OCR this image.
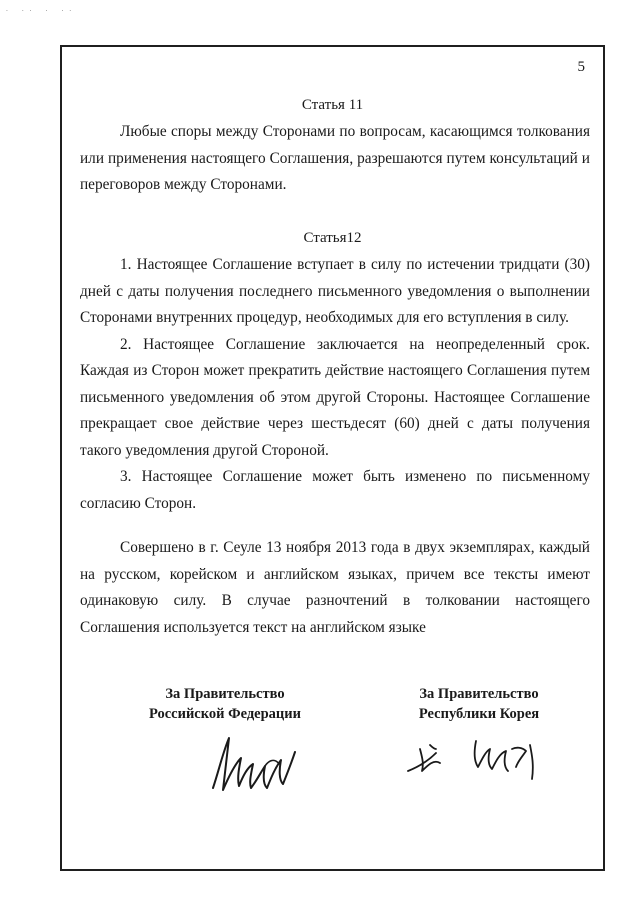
· ·· · ··
5
Статья 11

Любые споры между Сторонами по вопросам, касающимся толкования или применения настоящего Соглашения, разрешаются путем консультаций и переговоров между Сторонами.

Статья12

1. Настоящее Соглашение вступает в силу по истечении тридцати (30) дней с даты получения последнего письменного уведомления о выполнении Сторонами внутренних процедур, необходимых для его вступления в силу.

2. Настоящее Соглашение заключается на неопределенный срок. Каждая из Сторон может прекратить действие настоящего Соглашения путем письменного уведомления об этом другой Стороны. Настоящее Соглашение прекращает свое действие через шестьдесят (60) дней с даты получения такого уведомления другой Стороной.

3. Настоящее Соглашение может быть изменено по письменному согласию Сторон.

Совершено в г. Сеуле 13 ноября 2013 года в двух экземплярах, каждый на русском, корейском и английском языках, причем все тексты имеют одинаковую силу. В случае разночтений в толковании настоящего Соглашения используется текст на английском языке

За Правительство
Российской Федерации
За Правительство
Республики Корея
